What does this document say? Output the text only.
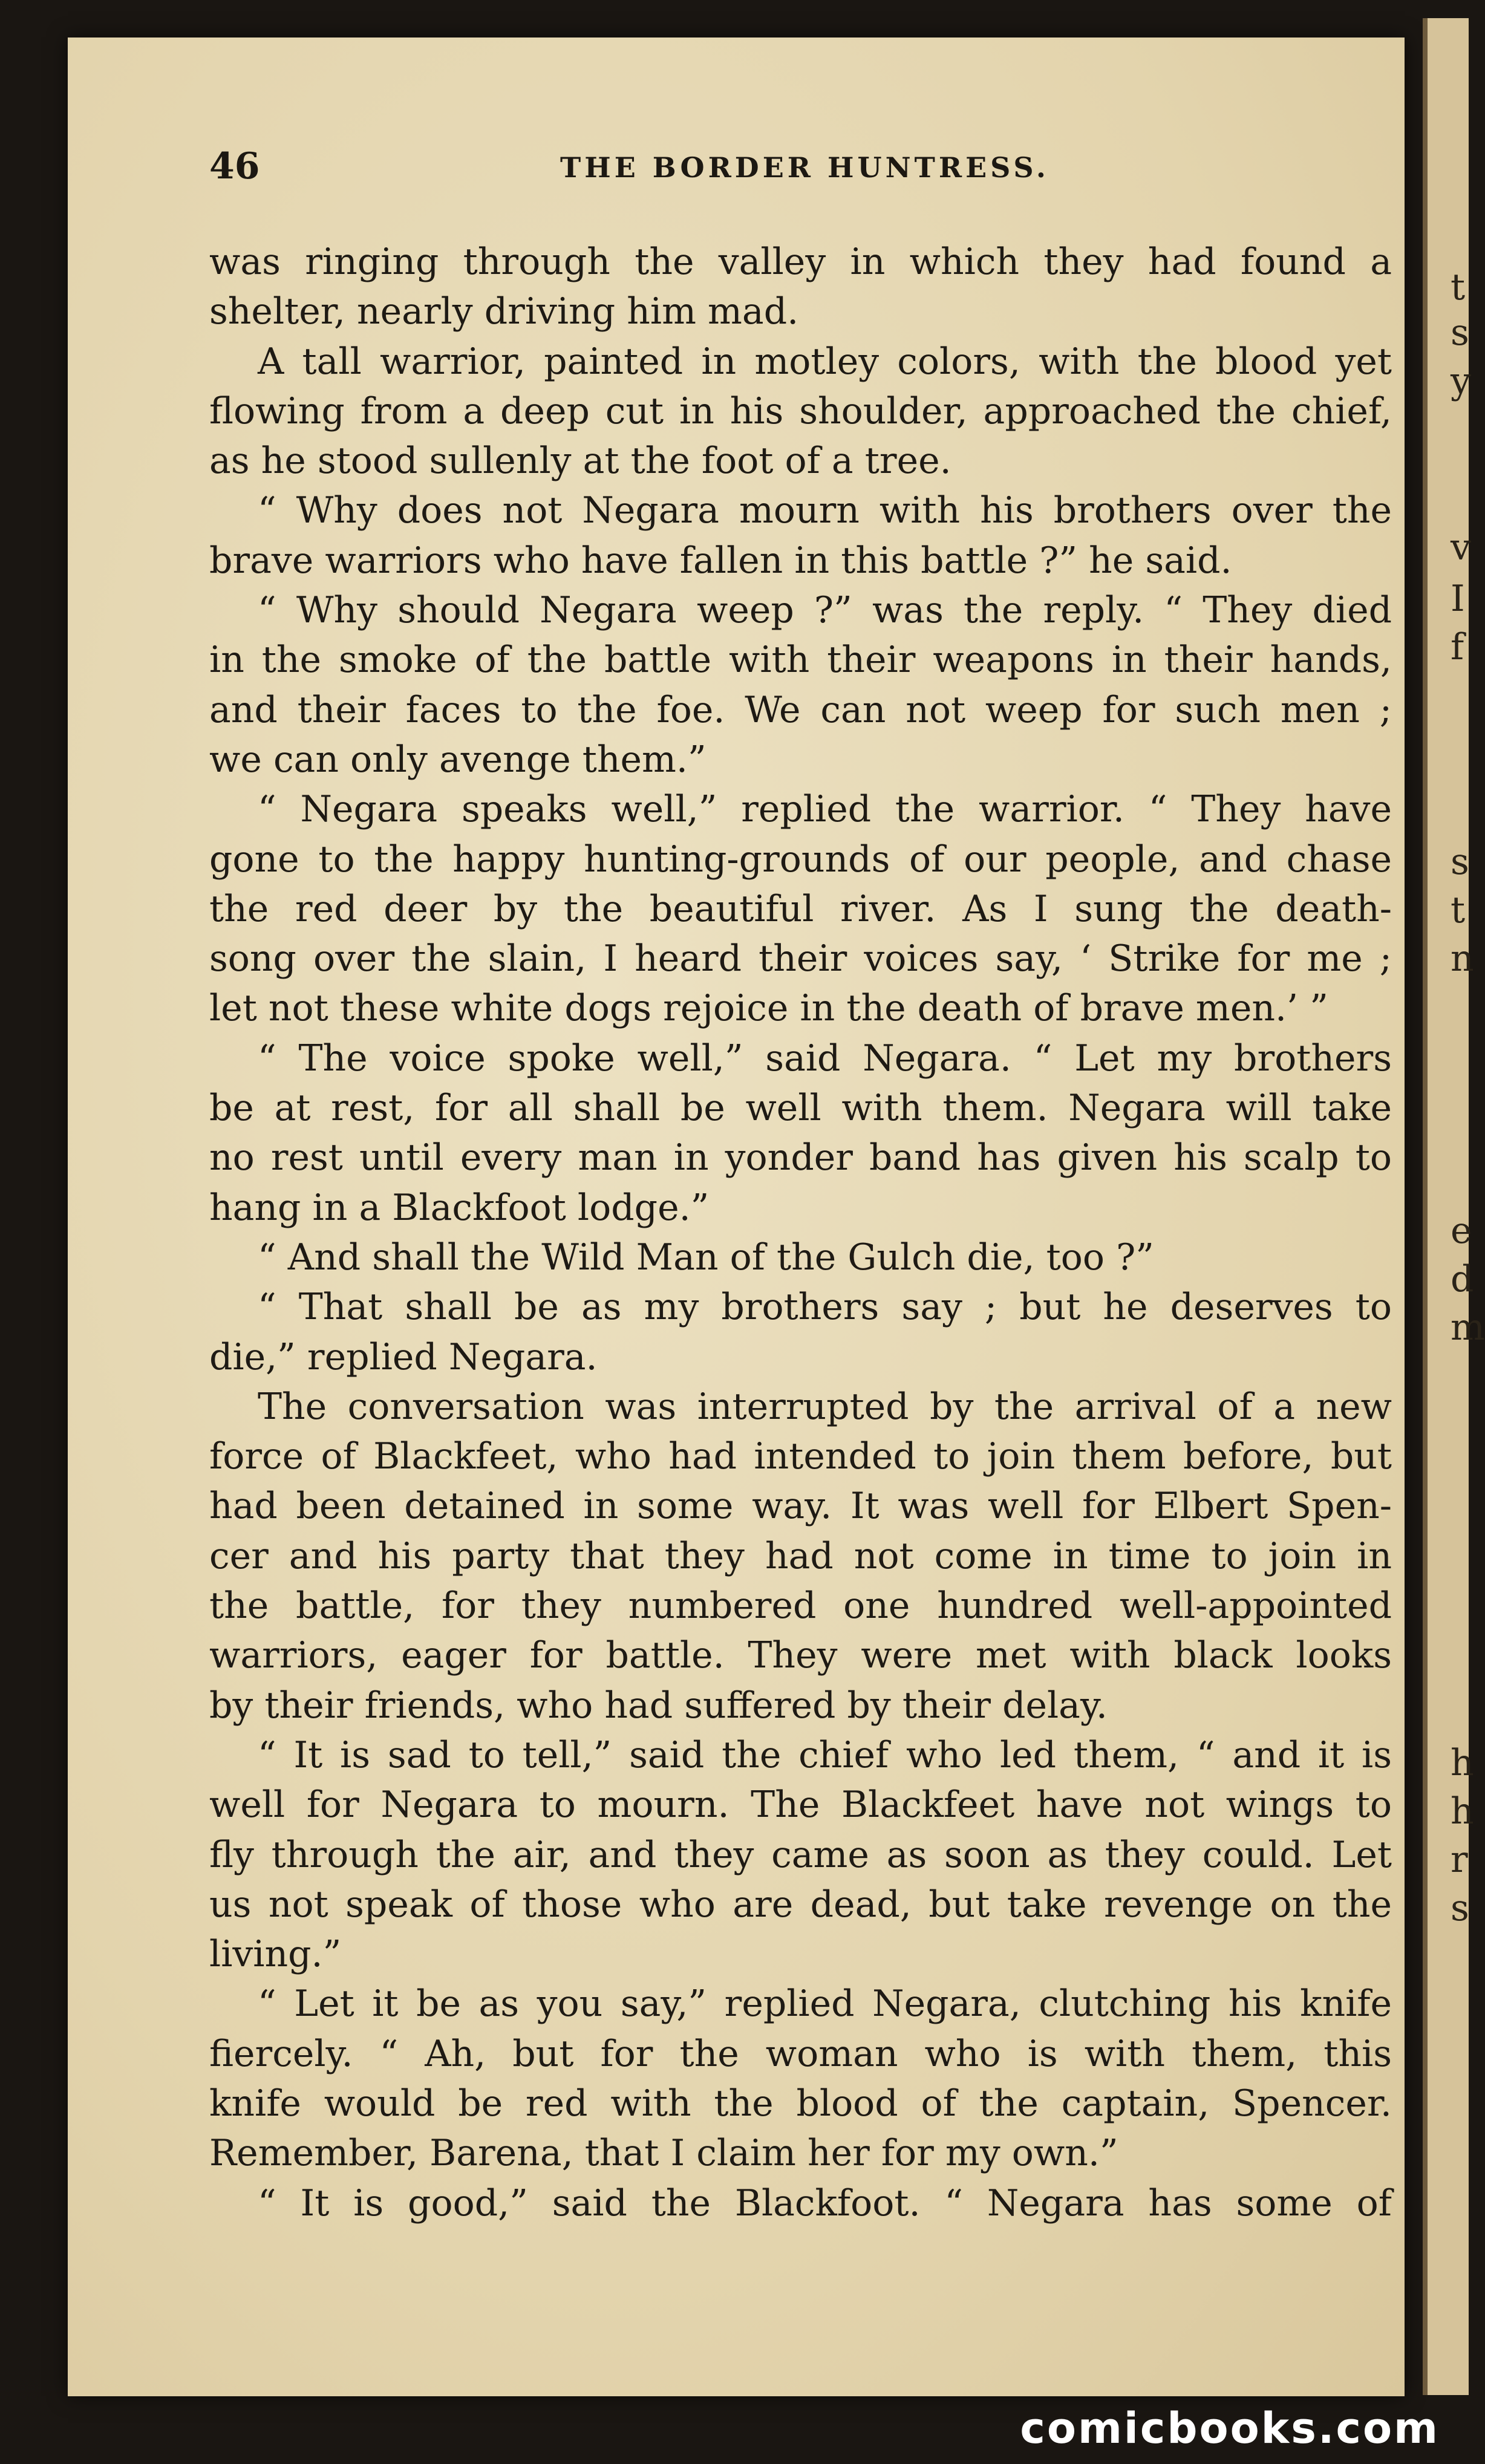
t
s
y
v
I
f
s
t
n
e
d
m
h
h
r
s
46	THE BORDER HUNTRESS.
was ringing through the valley in which they had found a
shelter, nearly driving him mad.
A tall warrior, painted in motley colors, with the blood yet
flowing from a deep cut in his shoulder, approached the chief,
as he stood sullenly at the foot of a tree.
“ Why does not Negara mourn with his brothers over the
brave warriors who have fallen in this battle ?” he said.
“ Why should Negara weep ?” was the reply. “ They died
in the smoke of the battle with their weapons in their hands,
and their faces to the foe. We can not weep for such men ;
we can only avenge them.”
“ Negara speaks well,” replied the warrior. “ They have
gone to the happy hunting-grounds of our people, and chase
the red deer by the beautiful river. As I sung the death-
song over the slain, I heard their voices say, ‘ Strike for me ;
let not these white dogs rejoice in the death of brave men.’ ”
“ The voice spoke well,” said Negara. “ Let my brothers
be at rest, for all shall be well with them. Negara will take
no rest until every man in yonder band has given his scalp to
hang in a Blackfoot lodge.”
“ And shall the Wild Man of the Gulch die, too ?”
“ That shall be as my brothers say ; but he deserves to
die,” replied Negara.
The conversation was interrupted by the arrival of a new
force of Blackfeet, who had intended to join them before, but
had been detained in some way. It was well for Elbert Spen-
cer and his party that they had not come in time to join in
the battle, for they numbered one hundred well-appointed
warriors, eager for battle. They were met with black looks
by their friends, who had suffered by their delay.
“ It is sad to tell,” said the chief who led them, “ and it is
well for Negara to mourn. The Blackfeet have not wings to
fly through the air, and they came as soon as they could. Let
us not speak of those who are dead, but take revenge on the
living.”
“ Let it be as you say,” replied Negara, clutching his knife
fiercely. “ Ah, but for the woman who is with them, this
knife would be red with the blood of the captain, Spencer.
Remember, Barena, that I claim her for my own.”
“ It is good,” said the Blackfoot. “ Negara has some of
comicbooks.com
